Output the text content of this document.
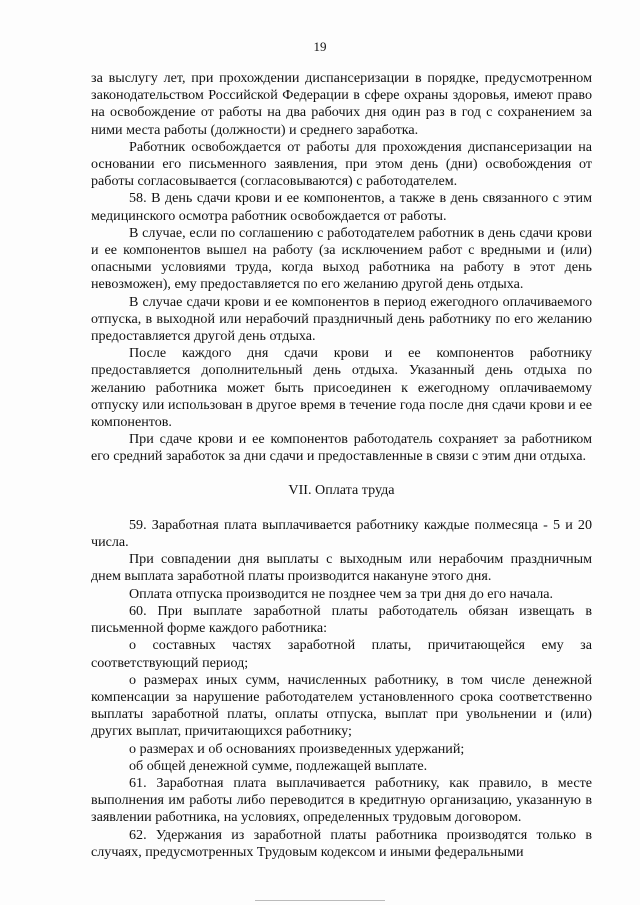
19

за выслугу лет, при прохождении диспансеризации в порядке, предусмотренном законодательством Российской Федерации в сфере охраны здоровья, имеют право на освобождение от работы на два рабочих дня один раз в год с сохранением за ними места работы (должности) и среднего заработка.

Работник освобождается от работы для прохождения диспансеризации на основании его письменного заявления, при этом день (дни) освобождения от работы согласовывается (согласовываются) с работодателем.

58. В день сдачи крови и ее компонентов, а также в день связанного с этим медицинского осмотра работник освобождается от работы.

В случае, если по соглашению с работодателем работник в день сдачи крови и ее компонентов вышел на работу (за исключением работ с вредными и (или) опасными условиями труда, когда выход работника на работу в этот день невозможен), ему предоставляется по его желанию другой день отдыха.

В случае сдачи крови и ее компонентов в период ежегодного оплачиваемого отпуска, в выходной или нерабочий праздничный день работнику по его желанию предоставляется другой день отдыха.

После каждого дня сдачи крови и ее компонентов работнику предоставляется дополнительный день отдыха. Указанный день отдыха по желанию работника может быть присоединен к ежегодному оплачиваемому отпуску или использован в другое время в течение года после дня сдачи крови и ее компонентов.

При сдаче крови и ее компонентов работодатель сохраняет за работником его средний заработок за дни сдачи и предоставленные в связи с этим дни отдыха.

VII. Оплата труда

59. Заработная плата выплачивается работнику каждые полмесяца - 5 и 20 числа.

При совпадении дня выплаты с выходным или нерабочим праздничным днем выплата заработной платы производится накануне этого дня.

Оплата отпуска производится не позднее чем за три дня до его начала.

60. При выплате заработной платы работодатель обязан извещать в письменной форме каждого работника:

о составных частях заработной платы, причитающейся ему за соответствующий период;

о размерах иных сумм, начисленных работнику, в том числе денежной компенсации за нарушение работодателем установленного срока соответственно выплаты заработной платы, оплаты отпуска, выплат при увольнении и (или) других выплат, причитающихся работнику;

о размерах и об основаниях произведенных удержаний;

об общей денежной сумме, подлежащей выплате.

61. Заработная плата выплачивается работнику, как правило, в месте выполнения им работы либо переводится в кредитную организацию, указанную в заявлении работника, на условиях, определенных трудовым договором.

62. Удержания из заработной платы работника производятся только в случаях, предусмотренных Трудовым кодексом и иными федеральными
